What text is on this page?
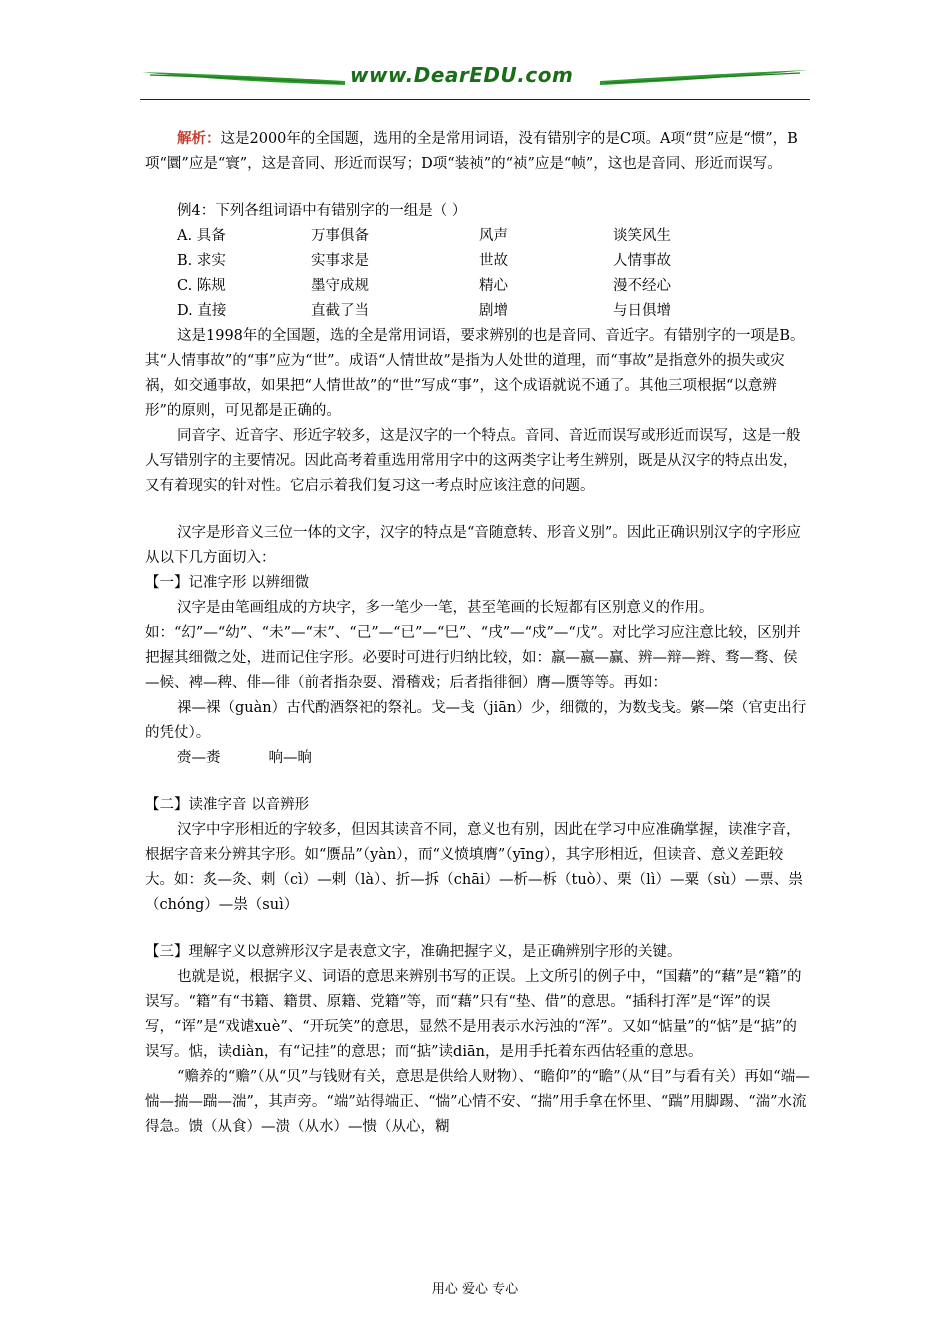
www.DearEDU.com

解析：这是2000年的全国题，选用的全是常用词语，没有错别字的是C项。A项“贯”应是“惯”，B项“圜”应是“寰”，这是音同、形近而误写；D项“装祯”的“祯”应是“帧”，这也是音同、形近而误写。

例4：下列各组词语中有错别字的一组是（ ）

A. 具备	万事俱备	风声	谈笑风生
B. 求实	实事求是	世故	人情事故
C. 陈规	墨守成规	精心	漫不经心
D. 直接	直截了当	剧增	与日俱增

这是1998年的全国题，选的全是常用词语，要求辨别的也是音同、音近字。有错别字的一项是B。其“人情事故”的“事”应为“世”。成语“人情世故”是指为人处世的道理，而“事故”是指意外的损失或灾祸，如交通事故，如果把“人情世故”的“世”写成“事”，这个成语就说不通了。其他三项根据“以意辨形”的原则，可见都是正确的。

同音字、近音字、形近字较多，这是汉字的一个特点。音同、音近而误写或形近而误写，这是一般人写错别字的主要情况。因此高考着重选用常用字中的这两类字让考生辨别，既是从汉字的特点出发，又有着现实的针对性。它启示着我们复习这一考点时应该注意的问题。

汉字是形音义三位一体的文字，汉字的特点是“音随意转、形音义别”。因此正确识别汉字的字形应从以下几方面切入：

【一】记准字形 以辨细微

汉字是由笔画组成的方块字，多一笔少一笔，甚至笔画的长短都有区别意义的作用。如：“幻”—“幼”、“未”—“末”、“己”—“已”—“巳”、“戌”—“戍”—“戊”。对比学习应注意比较，区别并把握其细微之处，进而记住字形。必要时可进行归纳比较，如：羸—嬴—赢、辨—辩—辫、骛—骛、侯—候、裨—稗、俳—徘（前者指杂耍、滑稽戏；后者指徘徊）膺—赝等等。再如：

祼—裸（guàn）古代酌酒祭祀的祭礼。戈—戋（jiān）少，细微的，为数戋戋。綮—棨（官吏出行的凭仗）。

赍—赉	响—晌

【二】读准字音 以音辨形

汉字中字形相近的字较多，但因其读音不同，意义也有别，因此在学习中应准确掌握，读准字音，根据字音来分辨其字形。如“赝品”（yàn），而“义愤填膺”（yīng），其字形相近，但读音、意义差距较大。如：炙—灸、刺（cì）—剌（là）、折—拆（chāi）—析—柝（tuò）、栗（lì）—粟（sù）—票、祟（chóng）—祟（suì）

【三】理解字义以意辨形汉字是表意文字，准确把握字义，是正确辨别字形的关键。

也就是说，根据字义、词语的意思来辨别书写的正误。上文所引的例子中，“国藉”的“藉”是“籍”的误写。“籍”有“书籍、籍贯、原籍、党籍”等，而“藉”只有“垫、借”的意思。“插科打浑”是“诨”的误写，“诨”是“戏谑xuè”、“开玩笑”的意思，显然不是用表示水污浊的“浑”。又如“惦量”的“惦”是“掂”的误写。惦，读diàn，有“记挂”的意思；而“掂”读diān，是用手托着东西估轻重的意思。

“赡养的“赡”（从“贝”与钱财有关，意思是供给人财物）、“瞻仰”的“瞻”（从“目”与看有关）再如“端—惴—揣—踹—湍”，其声旁。“端”站得端正、“惴”心情不安、“揣”用手拿在怀里、“踹”用脚踢、“湍”水流得急。馈（从食）—溃（从水）—愦（从心，糊

用心 爱心 专心
